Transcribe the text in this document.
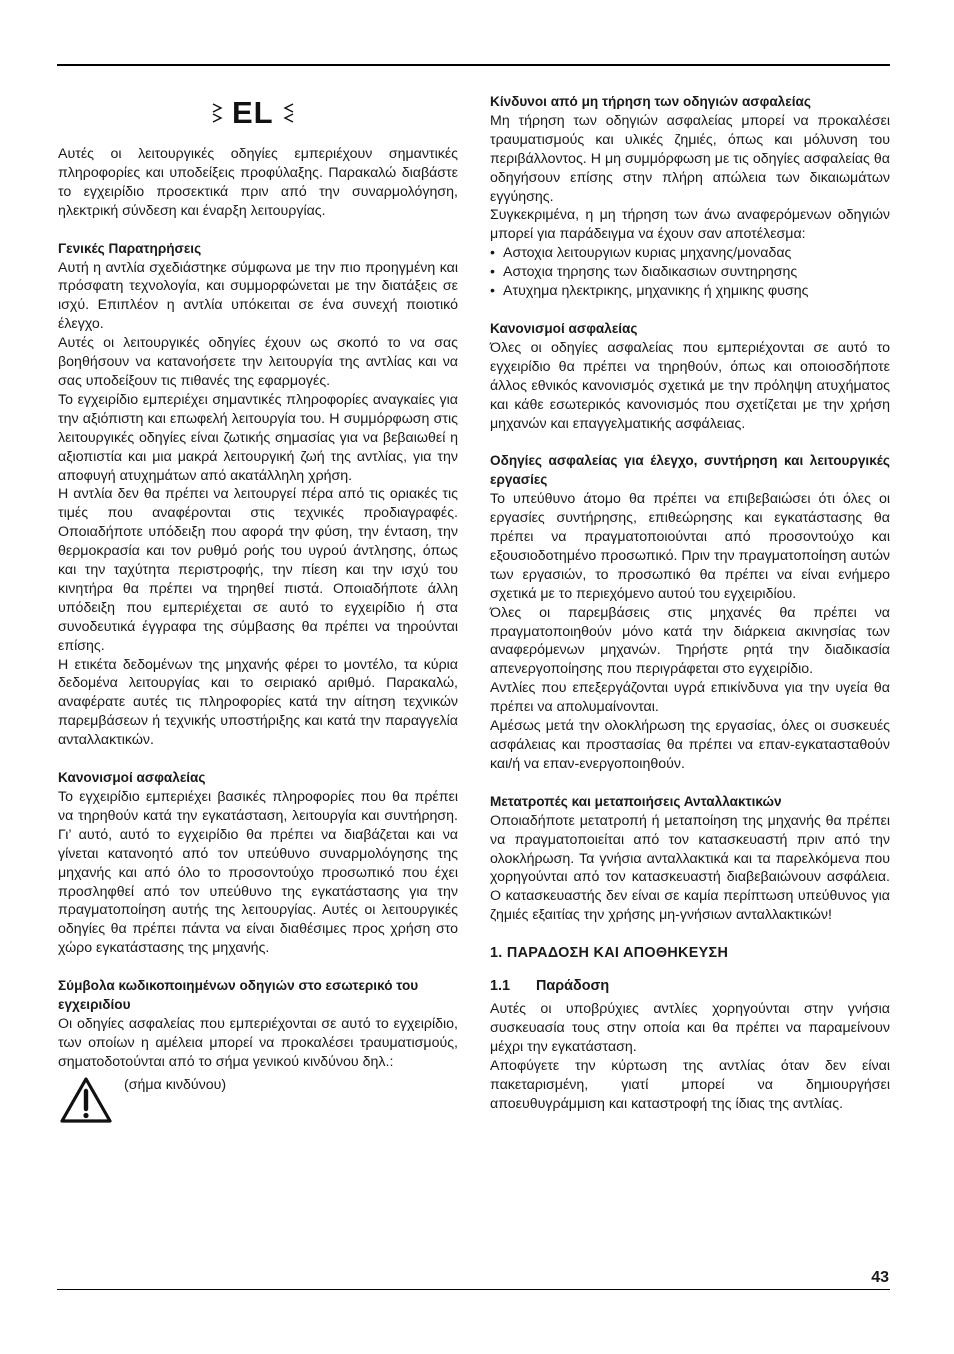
EL

Αυτές οι λειτουργικές οδηγίες εμπεριέχουν σημαντικές πληροφορίες και υποδείξεις προφύλαξης. Παρακαλώ διαβάστε το εγχειρίδιο προσεκτικά πριν από την συναρμολόγηση, ηλεκτρική σύνδεση και έναρξη λειτουργίας.

Γενικές Παρατηρήσεις

Αυτή η αντλία σχεδιάστηκε σύμφωνα με την πιο προηγμένη και πρόσφατη τεχνολογία, και συμμορφώνεται με την διατάξεις σε ισχύ. Επιπλέον η αντλία υπόκειται σε ένα συνεχή ποιοτικό έλεγχο.

Αυτές οι λειτουργικές οδηγίες έχουν ως σκοπό το να σας βοηθήσουν να κατανοήσετε την λειτουργία της αντλίας και να σας υποδείξουν τις πιθανές της εφαρμογές.

Το εγχειρίδιο εμπεριέχει σημαντικές πληροφορίες αναγκαίες για την αξιόπιστη και επωφελή λειτουργία του. Η συμμόρφωση στις λειτουργικές οδηγίες είναι ζωτικής σημασίας για να βεβαιωθεί η αξιοπιστία και μια μακρά λειτουργική ζωή της αντλίας, για την αποφυγή ατυχημάτων από ακατάλληλη χρήση.

Η αντλία δεν θα πρέπει να λειτουργεί πέρα από τις οριακές τις τιμές που αναφέρονται στις τεχνικές προδιαγραφές. Οποιαδήποτε υπόδειξη που αφορά την φύση, την ένταση, την θερμοκρασία και τον ρυθμό ροής του υγρού άντλησης, όπως και την ταχύτητα περιστροφής, την πίεση και την ισχύ του κινητήρα θα πρέπει να τηρηθεί πιστά. Οποιαδήποτε άλλη υπόδειξη που εμπεριέχεται σε αυτό το εγχειρίδιο ή στα συνοδευτικά έγγραφα της σύμβασης θα πρέπει να τηρούνται επίσης.

Η ετικέτα δεδομένων της μηχανής φέρει το μοντέλο, τα κύρια δεδομένα λειτουργίας και το σειριακό αριθμό. Παρακαλώ, αναφέρατε αυτές τις πληροφορίες κατά την αίτηση τεχνικών παρεμβάσεων ή τεχνικής υποστήριξης και κατά την παραγγελία ανταλλακτικών.

Κανονισμοί ασφαλείας

Το εγχειρίδιο εμπεριέχει βασικές πληροφορίες που θα πρέπει να τηρηθούν κατά την εγκατάσταση, λειτουργία και συντήρηση. Γι’ αυτό, αυτό το εγχειρίδιο θα πρέπει να διαβάζεται και να γίνεται κατανοητό από τον υπεύθυνο συναρμολόγησης της μηχανής και από όλο το προσοντούχο προσωπικό που έχει προσληφθεί από τον υπεύθυνο της εγκατάστασης για την πραγματοποίηση αυτής της λειτουργίας. Αυτές οι λειτουργικές οδηγίες θα πρέπει πάντα να είναι διαθέσιμες προς χρήση στο χώρο εγκατάστασης της μηχανής.

Σύμβολα κωδικοποιημένων οδηγιών στο εσωτερικό του εγχειριδίου

Οι οδηγίες ασφαλείας που εμπεριέχονται σε αυτό το εγχειρίδιο, των οποίων η αμέλεια μπορεί να προκαλέσει τραυματισμούς, σηματοδοτούνται από το σήμα γενικού κινδύνου δηλ.:

(σήμα κινδύνου)
Κίνδυνοι από μη τήρηση των οδηγιών ασφαλείας

Μη τήρηση των οδηγιών ασφαλείας μπορεί να προκαλέσει τραυματισμούς και υλικές ζημιές, όπως και μόλυνση του περιβάλλοντος. Η μη συμμόρφωση με τις οδηγίες ασφαλείας θα οδηγήσουν επίσης στην πλήρη απώλεια των δικαιωμάτων εγγύησης.

Συγκεκριμένα, η μη τήρηση των άνω αναφερόμενων οδηγιών μπορεί για παράδειγμα να έχουν σαν αποτέλεσμα:

• Αστοχια λειτουργιων κυριας μηχανης/μοναδας
• Αστοχια τηρησης των διαδικασιων συντηρησης
• Ατυχημα ηλεκτρικης, μηχανικης ή χημικης φυσης
Κανονισμοί ασφαλείας

Όλες οι οδηγίες ασφαλείας που εμπεριέχονται σε αυτό το εγχειρίδιο θα πρέπει να τηρηθούν, όπως και οποιοσδήποτε άλλος εθνικός κανονισμός σχετικά με την πρόληψη ατυχήματος και κάθε εσωτερικός κανονισμός που σχετίζεται με την χρήση μηχανών και επαγγελματικής ασφάλειας.

Οδηγίες ασφαλείας για έλεγχο, συντήρηση και λειτουργικές εργασίες

Το υπεύθυνο άτομο θα πρέπει να επιβεβαιώσει ότι όλες οι εργασίες συντήρησης, επιθεώρησης και εγκατάστασης θα πρέπει να πραγματοποιούνται από προσοντούχο και εξουσιοδοτημένο προσωπικό. Πριν την πραγματοποίηση αυτών των εργασιών, το προσωπικό θα πρέπει να είναι ενήμερο σχετικά με το περιεχόμενο αυτού του εγχειριδίου.

Όλες οι παρεμβάσεις στις μηχανές θα πρέπει να πραγματοποιηθούν μόνο κατά την διάρκεια ακινησίας των αναφερόμενων μηχανών. Τηρήστε ρητά την διαδικασία απενεργοποίησης που περιγράφεται στο εγχειρίδιο.

Αντλίες που επεξεργάζονται υγρά επικίνδυνα για την υγεία θα πρέπει να απολυμαίνονται.

Αμέσως μετά την ολοκλήρωση της εργασίας, όλες οι συσκευές ασφάλειας και προστασίας θα πρέπει να επαν-εγκατασταθούν και/ή να επαν-ενεργοποιηθούν.

Μετατροπές και μεταποιήσεις Ανταλλακτικών

Οποιαδήποτε μετατροπή ή μεταποίηση της μηχανής θα πρέπει να πραγματοποιείται από τον κατασκευαστή πριν από την ολοκλήρωση. Τα γνήσια ανταλλακτικά και τα παρελκόμενα που χορηγούνται από τον κατασκευαστή διαβεβαιώνουν ασφάλεια. Ο κατασκευαστής δεν είναι σε καμία περίπτωση υπεύθυνος για ζημιές εξαιτίας την χρήσης μη-γνήσιων ανταλλακτικών!

1. ΠΑΡΑΔΟΣΗ ΚΑΙ ΑΠΟΘΗΚΕΥΣΗ
1.1 Παράδοση

Αυτές οι υποβρύχιες αντλίες χορηγούνται στην γνήσια συσκευασία τους στην οποία και θα πρέπει να παραμείνουν μέχρι την εγκατάσταση.

Αποφύγετε την κύρτωση της αντλίας όταν δεν είναι πακεταρισμένη, γιατί μπορεί να δημιουργήσει αποευθυγράμμιση και καταστροφή της ίδιας της αντλίας.

43
